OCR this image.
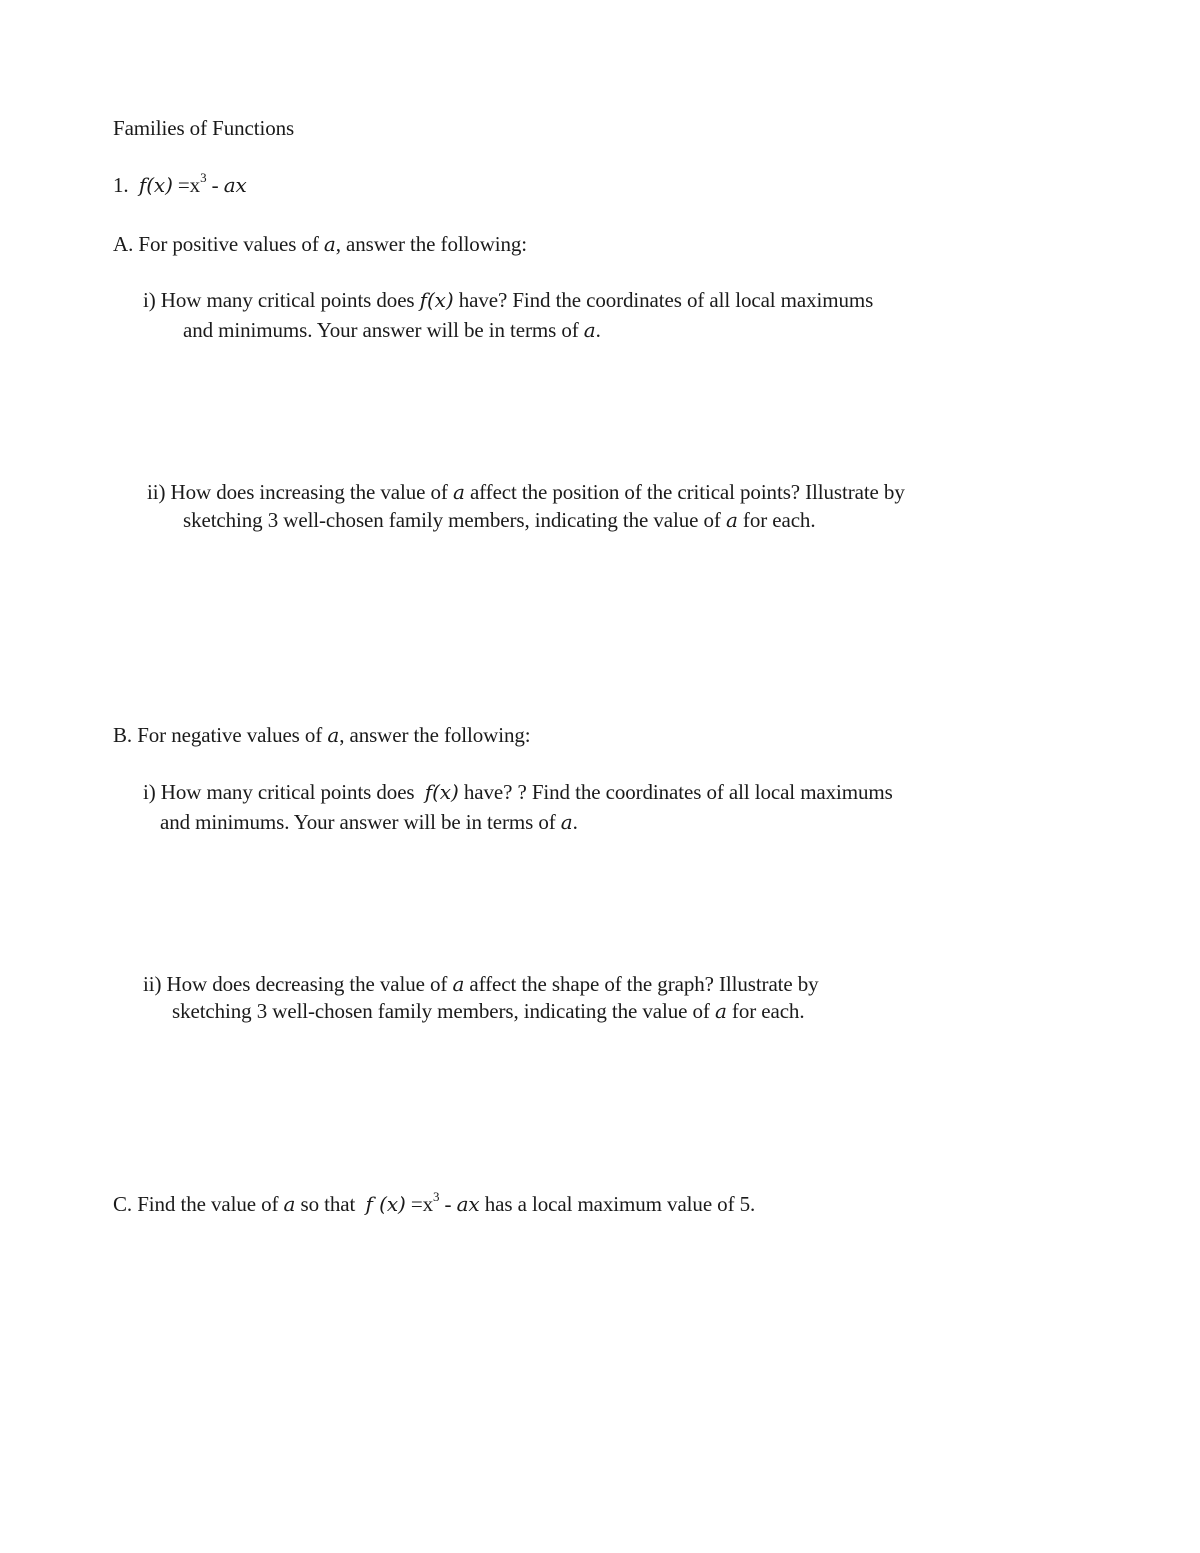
Families of Functions
1. $f(x) =x^3$ - ax
A. For positive values of a, answer the following:
i) How many critical points does f(x) have? Find the coordinates of all local maximums
and minimums. Your answer will be in terms of a.
ii) How does increasing the value of a affect the position of the critical points? Illustrate by
sketching 3 well-chosen family members, indicating the value of a for each.
B. For negative values of a, answer the following:
i) How many critical points does  f(x) have? ? Find the coordinates of all local maximums
and minimums. Your answer will be in terms of a.
ii) How does decreasing the value of a affect the shape of the graph? Illustrate by
sketching 3 well-chosen family members, indicating the value of a for each.
C. Find the value of a so that  f $(x) =x^3$ - ax has a local maximum value of 5.
